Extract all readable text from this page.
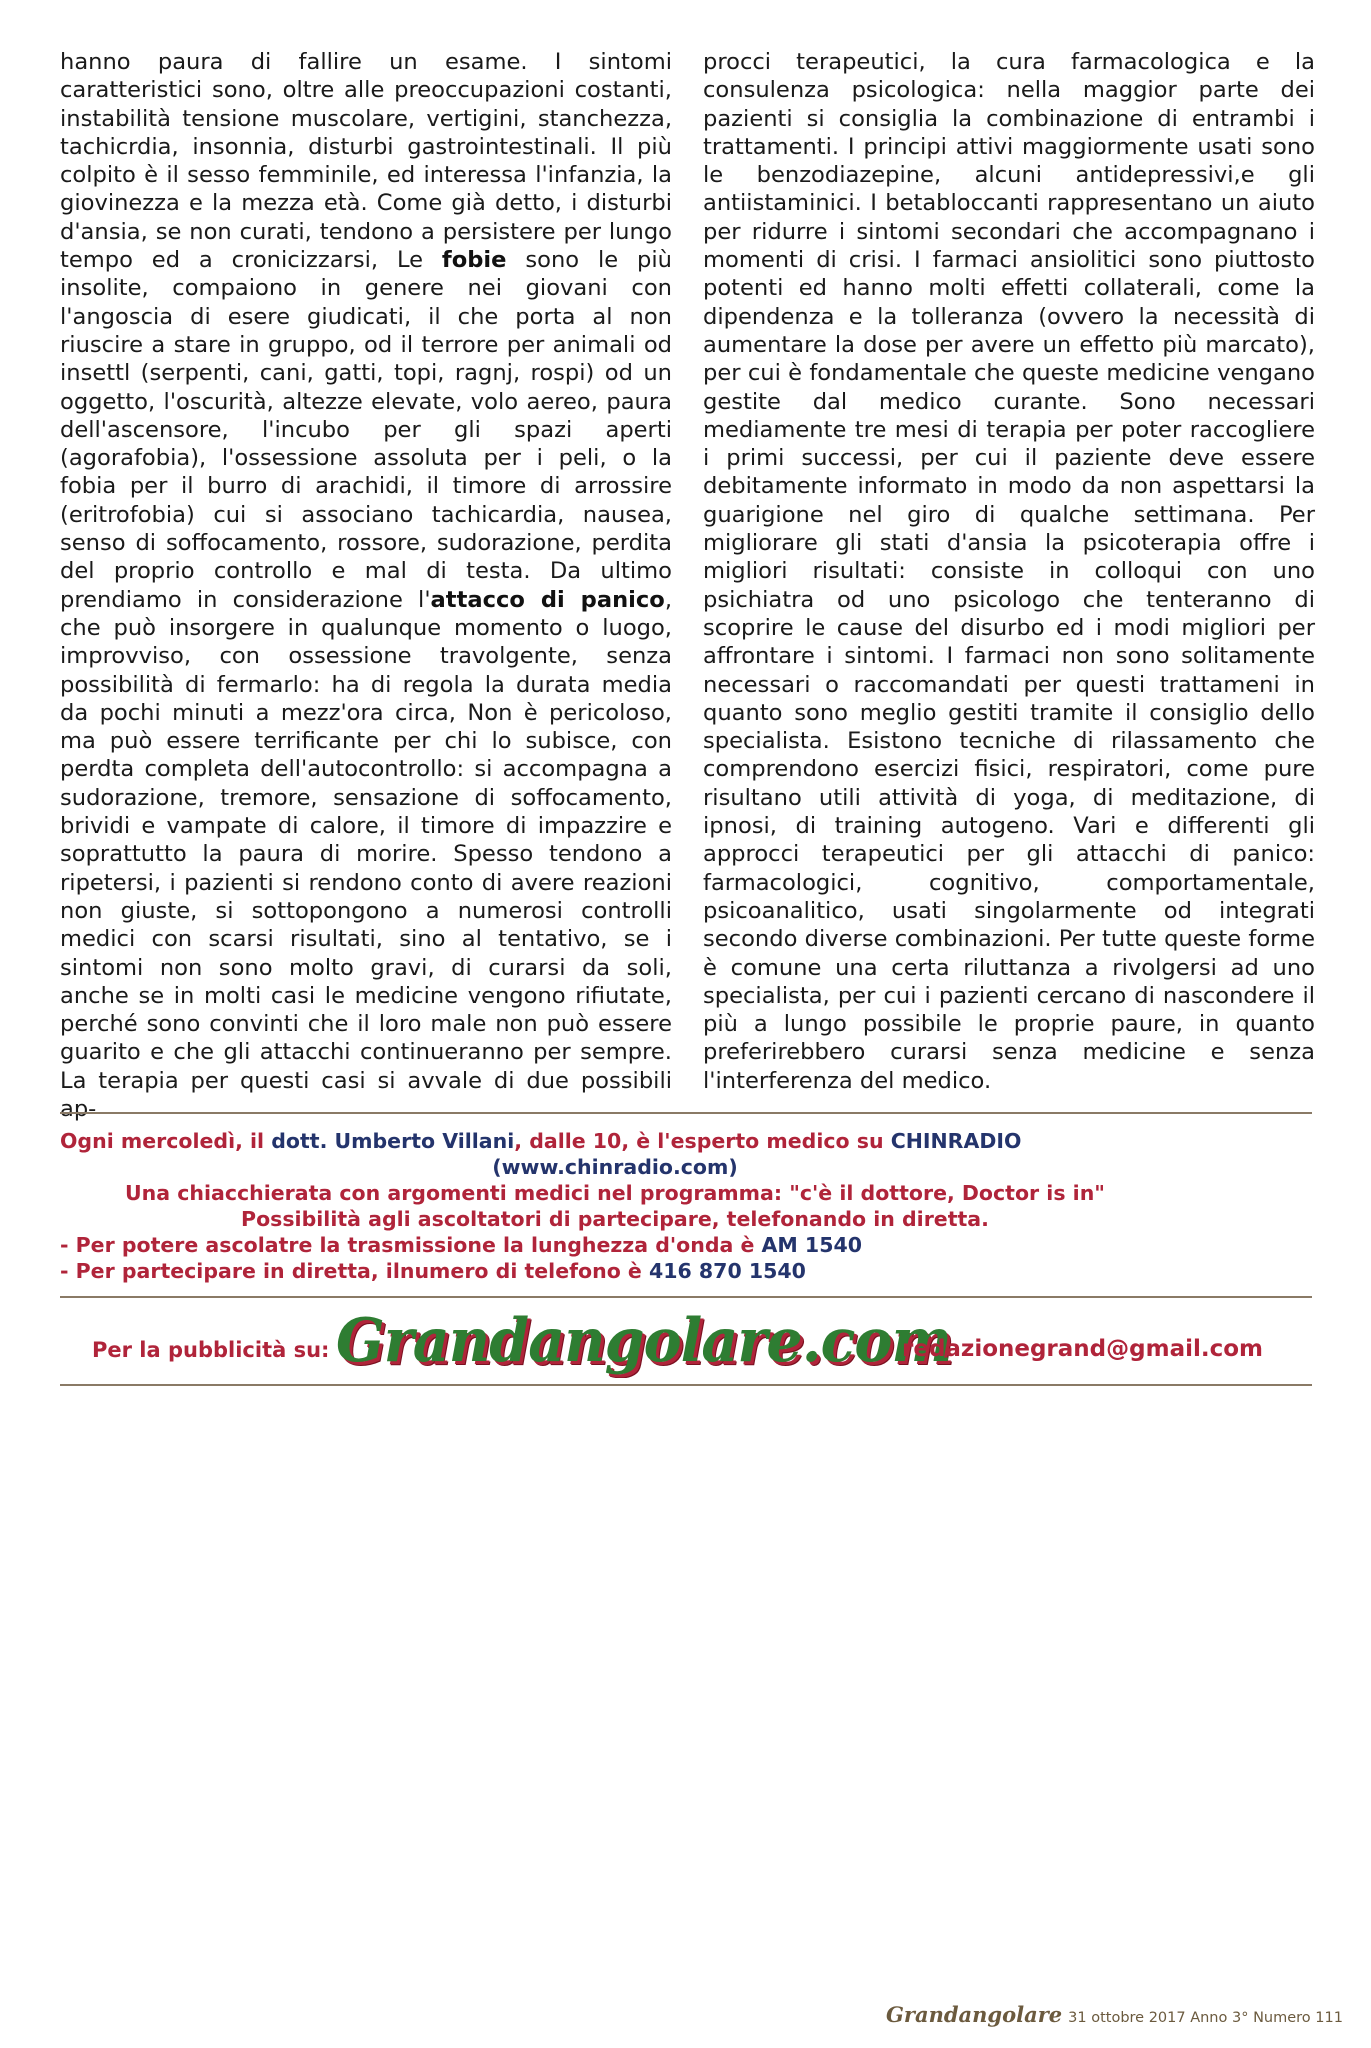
hanno paura di fallire un esame. I sintomi caratteristici sono, oltre alle preoccupazioni costanti, instabilità tensione muscolare, vertigini, stanchezza, tachicrdia, insonnia, disturbi gastrointestinali. Il più colpito è il sesso femminile, ed interessa l'infanzia, la giovinezza e la mezza età. Come già detto, i disturbi d'ansia, se non curati, tendono a persistere per lungo tempo ed a cronicizzarsi, Le fobie sono le più insolite, compaiono in genere nei giovani con l'angoscia di esere giudicati, il che porta al non riuscire a stare in gruppo, od il terrore per animali od insettl (serpenti, cani, gatti, topi, ragnj, rospi) od un oggetto, l'oscurità, altezze elevate, volo aereo, paura dell'ascensore, l'incubo per gli spazi aperti (agorafobia), l'ossessione assoluta per i peli, o la fobia per il burro di arachidi, il timore di arrossire (eritrofobia) cui si associano tachicardia, nausea, senso di soffocamento, rossore, sudorazione, perdita del proprio controllo e mal di testa. Da ultimo prendiamo in considerazione l'attacco di panico, che può insorgere in qualunque momento o luogo, improvviso, con ossessione travolgente, senza possibilità di fermarlo: ha di regola la durata media da pochi minuti a mezz'ora circa, Non è pericoloso, ma può essere terrificante per chi lo subisce, con perdta completa dell'autocontrollo: si accompagna a sudorazione, tremore, sensazione di soffocamento, brividi e vampate di calore, il timore di impazzire e soprattutto la paura di morire. Spesso tendono a ripetersi, i pazienti si rendono conto di avere reazioni non giuste, si sottopongono a numerosi controlli medici con scarsi risultati, sino al tentativo, se i sintomi non sono molto gravi, di curarsi da soli, anche se in molti casi le medicine vengono rifiutate, perché sono convinti che il loro male non può essere guarito e che gli attacchi continueranno per sempre. La terapia per questi casi si avvale di due possibili ap-

procci terapeutici, la cura farmacologica e la consulenza psicologica: nella maggior parte dei pazienti si consiglia la combinazione di entrambi i trattamenti. I principi attivi maggiormente usati sono le benzodiazepine, alcuni antidepressivi,e gli antiistaminici. I betabloccanti rappresentano un aiuto per ridurre i sintomi secondari che accompagnano i momenti di crisi. I farmaci ansiolitici sono piuttosto potenti ed hanno molti effetti collaterali, come la dipendenza e la tolleranza (ovvero la necessità di aumentare la dose per avere un effetto più marcato), per cui è fondamentale che queste medicine vengano gestite dal medico curante. Sono necessari mediamente tre mesi di terapia per poter raccogliere i primi successi, per cui il paziente deve essere debitamente informato in modo da non aspettarsi la guarigione nel giro di qualche settimana. Per migliorare gli stati d'ansia la psicoterapia offre i migliori risultati: consiste in colloqui con uno psichiatra od uno psicologo che tenteranno di scoprire le cause del disurbo ed i modi migliori per affrontare i sintomi. I farmaci non sono solitamente necessari o raccomandati per questi trattameni in quanto sono meglio gestiti tramite il consiglio dello specialista. Esistono tecniche di rilassamento che comprendono esercizi fisici, respiratori, come pure risultano utili attività di yoga, di meditazione, di ipnosi, di training autogeno. Vari e differenti gli approcci terapeutici per gli attacchi di panico: farmacologici, cognitivo, comportamentale, psicoanalitico, usati singolarmente od integrati secondo diverse combinazioni. Per tutte queste forme è comune una certa riluttanza a rivolgersi ad uno specialista, per cui i pazienti cercano di nascondere il più a lungo possibile le proprie paure, in quanto preferirebbero curarsi senza medicine e senza l'interferenza del medico.

Ogni mercoledì, il dott. Umberto Villani, dalle 10, è l'esperto medico su CHINRADIO
(www.chinradio.com)
Una chiacchierata con argomenti medici nel programma: "c'è il dottore, Doctor is in"
Possibilità agli ascoltatori di partecipare, telefonando in diretta.
- Per potere ascolatre la trasmissione la lunghezza d'onda è AM 1540
- Per partecipare in diretta, ilnumero di telefono è 416 870 1540
Per la pubblicità su: Grandangolare.com
redazionegrand@gmail.com
Grandangolare 31 ottobre 2017 Anno 3° Numero 111
